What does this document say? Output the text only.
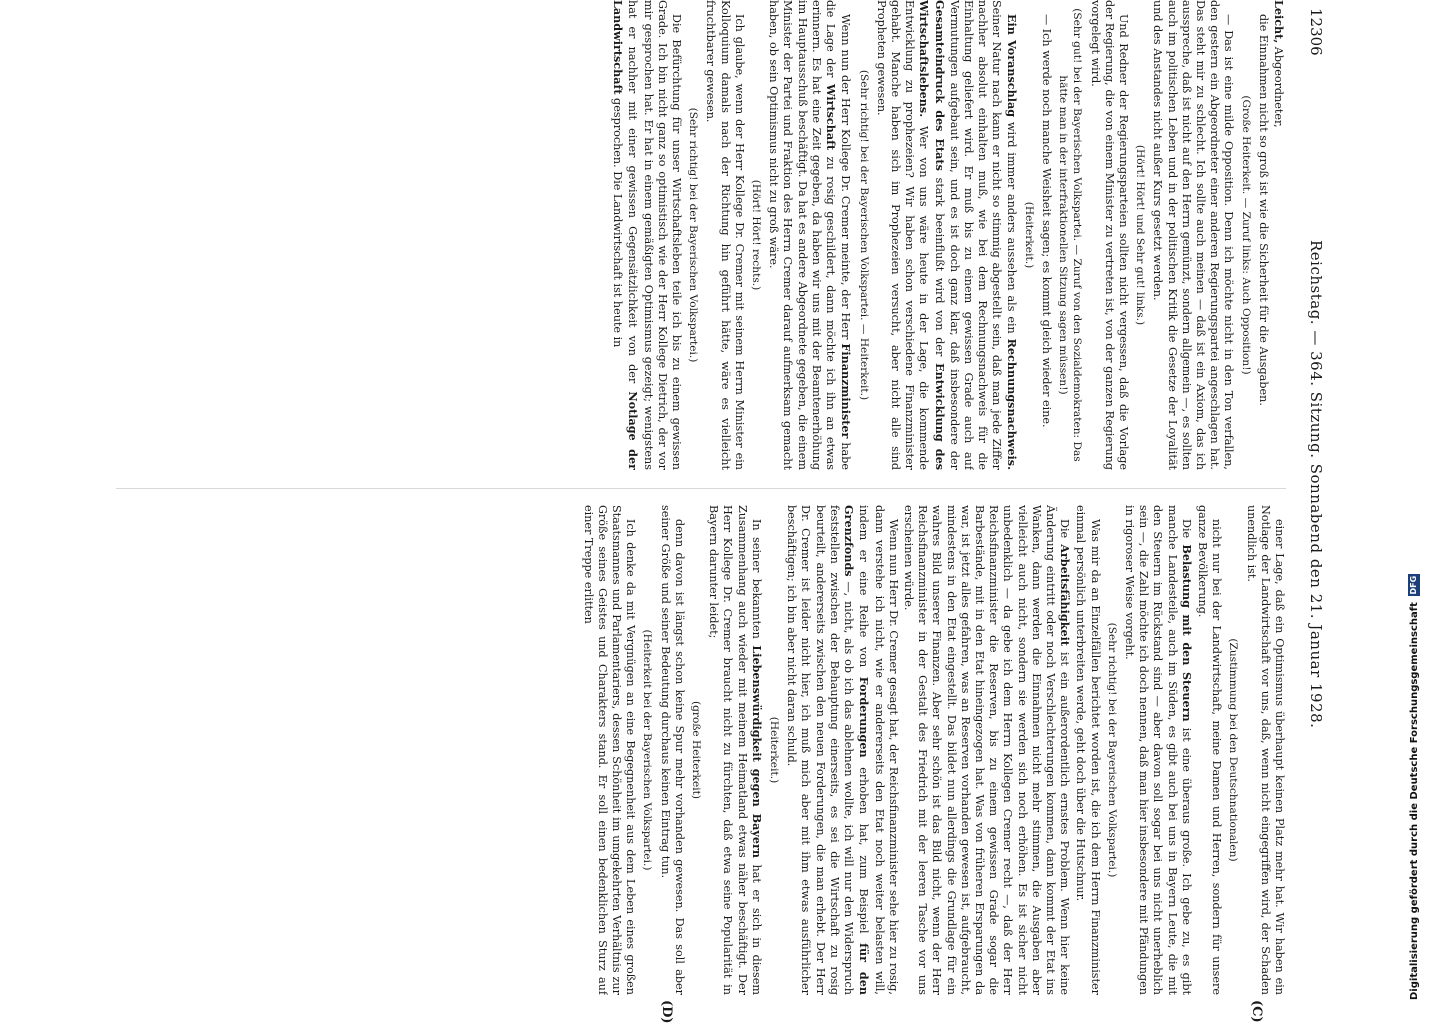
12306
Reichstag. — 364. Sitzung. Sonnabend den 21. Januar 1928.
(C)
(D)

Leicht, Abgeordneter,

die Einnahmen nicht so groß ist wie die Sicherheit für die Ausgaben.

(Große Heiterkeit. — Zuruf links: Auch Opposition!)

— Das ist eine milde Opposition. Denn ich möchte nicht in den Ton verfallen, den gestern ein Abgeordneter einer anderen Regierungspartei angeschlagen hat. Das steht mir zu schlecht. Ich sollte auch meinen — daß ist ein Axiom, das ich ausspreche, daß ist nicht auf den Herrn gemünzt, sondern allgemein —, es sollten auch im politischen Leben und in der politischen Kritik die Gesetze der Loyalität und des Anstandes nicht außer Kurs gesetzt werden.

(Hört! Hört! und Sehr gut! links.)

Und Redner der Regierungsparteien sollten nicht vergessen, daß die Vorlage der Regierung, die von einem Minister zu vertreten ist, von der ganzen Regierung vorgelegt wird.

(Sehr gut! bei der Bayerischen Volkspartei. — Zuruf von den Sozialdemokraten: Das hätte man in der interfraktionellen Sitzung sagen müssen!)

— Ich werde noch manche Weisheit sagen; es kommt gleich wieder eine.

(Heiterkeit.)

Ein Voranschlag wird immer anders aussehen als ein Rechnungsnachweis. Seiner Natur nach kann er nicht so stimmig abgestellt sein, daß man jede Ziffer nachher absolut einhalten muß, wie bei dem Rechnungsnachweis für die Einhaltung geliefert wird. Er muß bis zu einem gewissen Grade auch auf Vermutungen aufgebaut sein, und es ist doch ganz klar, daß insbesondere der Gesamteindruck des Etats stark beeinflußt wird von der Entwicklung des Wirtschaftslebens. Wer von uns wäre heute in der Lage, die kommende Entwicklung zu prophezeien? Wir haben schon verschiedene Finanzminister gehabt. Manche haben sich im Prophezeien versucht, aber nicht alle sind Propheten gewesen.

(Sehr richtig! bei der Bayerischen Volkspartei. — Heiterkeit.)

Wenn nun der Herr Kollege Dr. Cremer meinte, der Herr Finanzminister habe die Lage der Wirtschaft zu rosig geschildert, dann möchte ich ihn an etwas erinnern. Es hat eine Zeit gegeben, da haben wir uns mit der Beamtenerhöhung im Hauptausschuß beschäftigt. Da hat es andere Abgeordnete gegeben, die einem Minister der Partei und Fraktion des Herrn Cremer darauf aufmerksam gemacht haben, ob sein Optimismus nicht zu groß wäre.

(Hört! Hört! rechts.)

Ich glaube, wenn der Herr Kollege Dr. Cremer mit seinem Herrn Minister ein Kolloquium damals nach der Richtung hin geführt hätte, wäre es vielleicht fruchtbarer gewesen.

(Sehr richtig! bei der Bayerischen Volkspartei.)

Die Befürchtung für unser Wirtschaftsleben teile ich bis zu einem gewissen Grade. Ich bin nicht ganz so optimistisch wie der Herr Kollege Dietrich, der vor mir gesprochen hat. Er hat in einem gemäßigten Optimismus gezeigt; wenigstens hat er nachher mit einer gewissen Gegensätzlichkeit von der Notlage der Landwirtschaft gesprochen. Die Landwirtschaft ist heute in

einer Lage, daß ein Optimismus überhaupt keinen Platz mehr hat. Wir haben ein Notlage der Landwirtschaft vor uns, daß, wenn nicht eingegriffen wird, der Schaden unendlich ist.

(Zustimmung bei den Deutschnationalen)

nicht nur bei der Landwirtschaft, meine Damen und Herren, sondern für unsere ganze Bevölkerung.

Die Belastung mit den Steuern ist eine überaus große. Ich gebe zu, es gibt manche Landesteile, auch im Süden, es gibt auch bei uns in Bayern Leute, die mit den Steuern im Rückstand sind — aber davon soll sogar bei uns nicht unerheblich sein —, die Zahl möchte ich doch nennen, daß man hier insbesondere mit Pfändungen in rigoroser Weise vorgeht.

(Sehr richtig! bei der Bayerischen Volkspartei.)

Was mir da an Einzelfällen berichtet worden ist, die ich dem Herrn Finanzminister einmal persönlich unterbreiten werde, geht doch über die Hutschnur.

Die Arbeitsfähigkeit ist ein außerordentlich ernstes Problem. Wenn hier keine Änderung eintritt oder noch Verschlechterungen kommen, dann kommt der Etat ins Wanken, dann werden die Einnahmen nicht mehr stimmen, die Ausgaben aber vielleicht auch nicht, sondern sie werden sich noch erhöhen. Es ist sicher nicht unbedenklich — da gebe ich dem Herrn Kollegen Cremer recht —, daß der Herr Reichsfinanzminister die Reserven, bis zu einem gewissen Grade sogar die Barbestände, mit in den Etat hineingezogen hat. Was von früheren Ersparungen da war, ist jetzt alles gefahren, was an Reserven vorhanden gewesen ist, aufgebraucht, mindestens in den Etat eingestellt. Das bildet nun allerdings die Grundlage für ein wahres Bild unserer Finanzen. Aber sehr schön ist das Bild nicht, wenn der Herr Reichsfinanzminister in der Gestalt des Friedrich mit der leeren Tasche vor uns erscheinen würde.

Wenn nun Herr Dr. Cremer gesagt hat, der Reichsfinanzminister sehe hier zu rosig, dann verstehe ich nicht, wie er andererseits den Etat noch weiter belasten will, indem er eine Reihe von Forderungen erhoben hat, zum Beispiel für den Grenzfonds —, nicht, als ob ich das ablehnen wollte, ich will nur den Widerspruch feststellen zwischen der Behauptung einerseits, es sei die Wirtschaft zu rosig beurteilt, andererseits zwischen den neuen Forderungen, die man erhebt. Der Herr Dr. Cremer ist leider nicht hier, ich muß mich aber mit ihm etwas ausführlicher beschäftigen; ich bin aber nicht daran schuld.

(Heiterkeit.)

In seiner bekannten Liebenswürdigkeit gegen Bayern hat er sich in diesem Zusammenhang auch wieder mit meinem Heimatland etwas näher beschäftigt. Der Herr Kollege Dr. Cremer braucht nicht zu fürchten, daß etwa seine Popularität in Bayern darunter leidet;

(große Heiterkeit)

denn davon ist längst schon keine Spur mehr vorhanden gewesen. Das soll aber seiner Größe und seiner Bedeutung durchaus keinen Eintrag tun.

(Heiterkeit bei der Bayerischen Volkspartei.)

Ich denke da mit Vergnügen an eine Begegnenheit aus dem Leben eines großen Staatsmannes und Parlamentariers, dessen Schönheit im umgekehrten Verhältnis zur Größe seines Geistes und Charakters stand. Er soll einen bedenklichen Sturz auf einer Treppe erlitten

Digitalisierung gefördert durch die Deutsche Forschungsgemeinschaft
DFG
